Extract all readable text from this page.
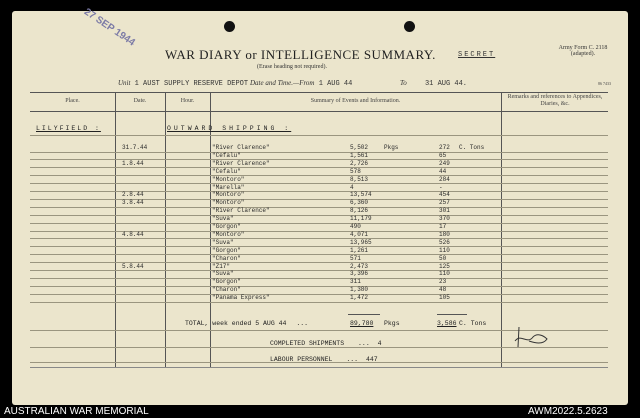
27 SEP 1944
WAR DIARY or INTELLIGENCE SUMMARY.
(Erase heading not required).
SECRET
Army Form C. 2118
(adapted).
Unit 1 AUST SUPPLY RESERVE DEPOT Date and Time.—From 1 AUG 44	To	31 AUG 44.	86 7433
Place.	Date.	Hour.	Summary of Events and Information.
Remarks and references to Appendices, Diaries, &c.
LILYFIELD :	OUTWARD SHIPPING :
31.7.44	"River Clarence"	5,502	Pkgs	272 C. Tons
"Cefalu"	1,561	65
1.8.44	"River Clarence"	2,726	249
"Cefalu"	578	44
"Montoro"	8,513	284
"Marella"	4	-
2.8.44	"Montoro"	13,574	454
3.8.44	"Montoro"	6,360	257
"River Clarence"	8,126	301
"Suva"	11,179	370
"Gorgon"	490	17
4.8.44	"Montoro"	4,071	180
"Suva"	13,965	526
"Gorgon"	1,261	110
"Charon"	571	50
5.8.44	"Z17"	2,473	125
"Suva"	3,396	110
"Gorgon"	311	23
"Charon"	1,380	48
"Panama Express"	1,472	105
TOTAL, week ended 5 AUG 44 ...	89,780 Pkgs	3,586 C. Tons
COMPLETED SHIPMENTS ... 4
LABOUR PERSONNEL ... 447
AUSTRALIAN WAR MEMORIAL	AWM2022.5.2623
